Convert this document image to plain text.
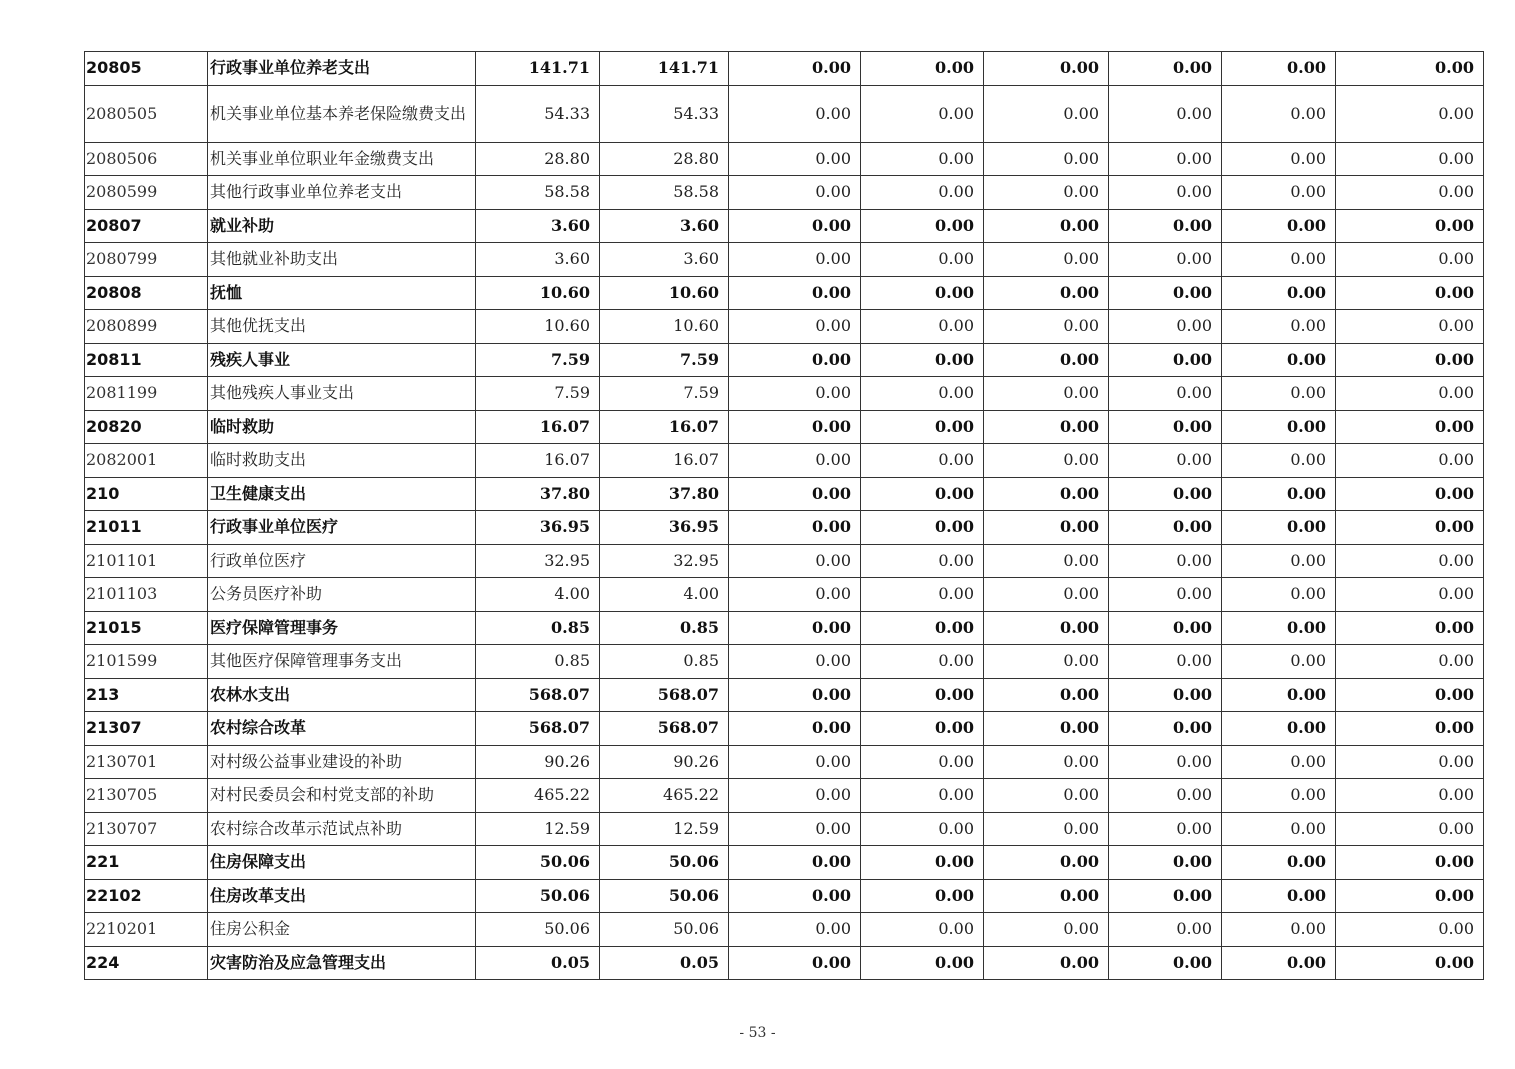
20805	行政事业单位养老支出	141.71	141.71	0.00	0.00	0.00	0.00	0.00	0.00
2080505	机关事业单位基本养老保险缴费支出	54.33	54.33	0.00	0.00	0.00	0.00	0.00	0.00
2080506	机关事业单位职业年金缴费支出	28.80	28.80	0.00	0.00	0.00	0.00	0.00	0.00
2080599	其他行政事业单位养老支出	58.58	58.58	0.00	0.00	0.00	0.00	0.00	0.00
20807	就业补助	3.60	3.60	0.00	0.00	0.00	0.00	0.00	0.00
2080799	其他就业补助支出	3.60	3.60	0.00	0.00	0.00	0.00	0.00	0.00
20808	抚恤	10.60	10.60	0.00	0.00	0.00	0.00	0.00	0.00
2080899	其他优抚支出	10.60	10.60	0.00	0.00	0.00	0.00	0.00	0.00
20811	残疾人事业	7.59	7.59	0.00	0.00	0.00	0.00	0.00	0.00
2081199	其他残疾人事业支出	7.59	7.59	0.00	0.00	0.00	0.00	0.00	0.00
20820	临时救助	16.07	16.07	0.00	0.00	0.00	0.00	0.00	0.00
2082001	临时救助支出	16.07	16.07	0.00	0.00	0.00	0.00	0.00	0.00
210	卫生健康支出	37.80	37.80	0.00	0.00	0.00	0.00	0.00	0.00
21011	行政事业单位医疗	36.95	36.95	0.00	0.00	0.00	0.00	0.00	0.00
2101101	行政单位医疗	32.95	32.95	0.00	0.00	0.00	0.00	0.00	0.00
2101103	公务员医疗补助	4.00	4.00	0.00	0.00	0.00	0.00	0.00	0.00
21015	医疗保障管理事务	0.85	0.85	0.00	0.00	0.00	0.00	0.00	0.00
2101599	其他医疗保障管理事务支出	0.85	0.85	0.00	0.00	0.00	0.00	0.00	0.00
213	农林水支出	568.07	568.07	0.00	0.00	0.00	0.00	0.00	0.00
21307	农村综合改革	568.07	568.07	0.00	0.00	0.00	0.00	0.00	0.00
2130701	对村级公益事业建设的补助	90.26	90.26	0.00	0.00	0.00	0.00	0.00	0.00
2130705	对村民委员会和村党支部的补助	465.22	465.22	0.00	0.00	0.00	0.00	0.00	0.00
2130707	农村综合改革示范试点补助	12.59	12.59	0.00	0.00	0.00	0.00	0.00	0.00
221	住房保障支出	50.06	50.06	0.00	0.00	0.00	0.00	0.00	0.00
22102	住房改革支出	50.06	50.06	0.00	0.00	0.00	0.00	0.00	0.00
2210201	住房公积金	50.06	50.06	0.00	0.00	0.00	0.00	0.00	0.00
224	灾害防治及应急管理支出	0.05	0.05	0.00	0.00	0.00	0.00	0.00	0.00
- 53 -
